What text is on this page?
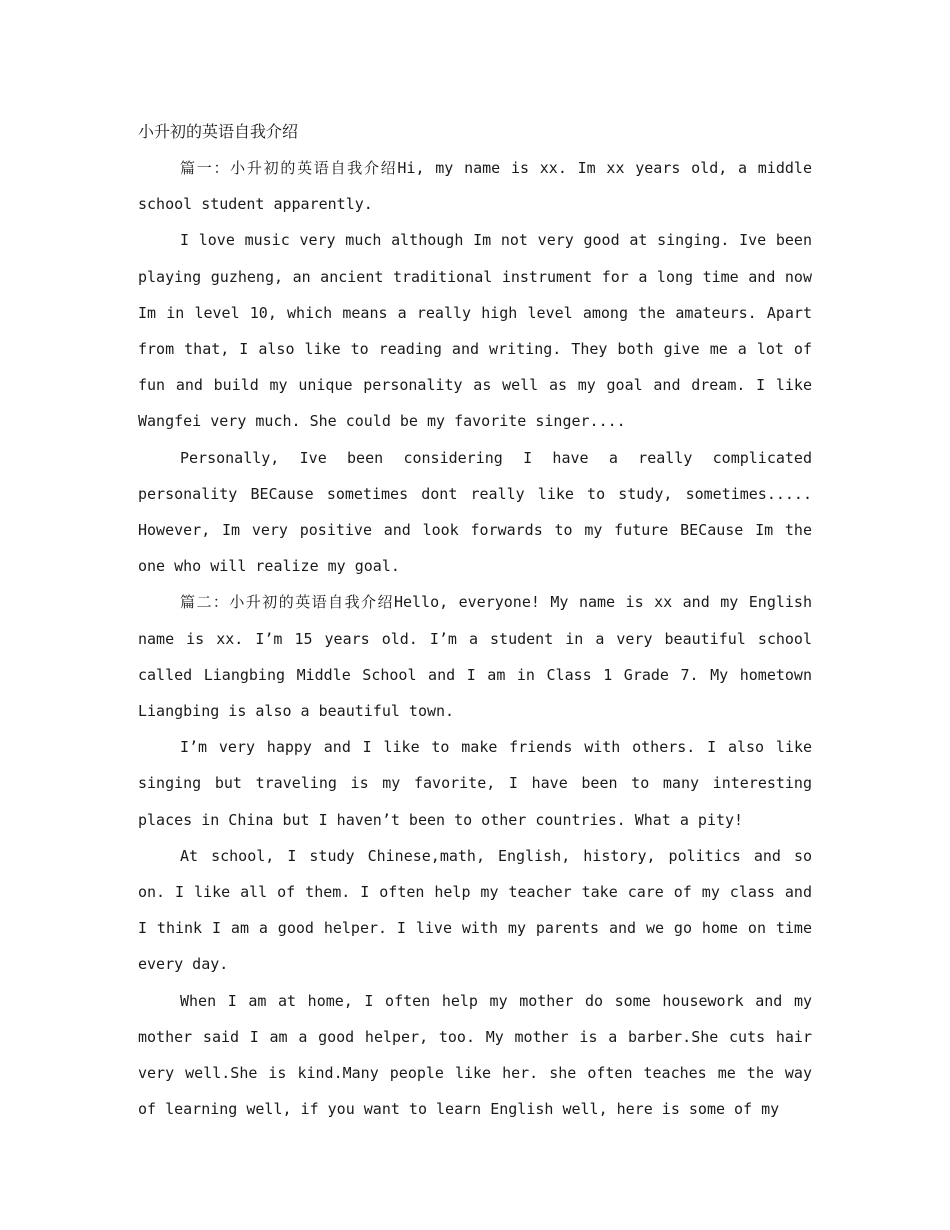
小升初的英语自我介绍

篇一：小升初的英语自我介绍Hi, my name is xx. Im xx years old, a middle school student apparently.

I love music very much although Im not very good at singing. Ive been playing guzheng, an ancient traditional instrument for a long time and now Im in level 10, which means a really high level among the amateurs. Apart from that, I also like to reading and writing. They both give me a lot of fun and build my unique personality as well as my goal and dream. I like Wangfei very much. She could be my favorite singer....

Personally, Ive been considering I have a really complicated personality BECause sometimes dont really like to study, sometimes..... However, Im very positive and look forwards to my future BECause Im the one who will realize my goal.

篇二：小升初的英语自我介绍Hello, everyone! My name is xx and my English name is xx. I’m 15 years old. I’m a student in a very beautiful school called Liangbing Middle School and I am in Class 1 Grade 7. My hometown Liangbing is also a beautiful town.

I’m very happy and I like to make friends with others. I also like singing but traveling is my favorite, I have been to many interesting places in China but I haven’t been to other countries. What a pity!

At school, I study Chinese,math, English, history, politics and so on. I like all of them. I often help my teacher take care of my class and I think I am a good helper. I live with my parents and we go home on time every day.

When I am at home, I often help my mother do some housework and my mother said I am a good helper, too. My mother is a barber.She cuts hair very well.She is kind.Many people like her. she often teaches me the way of learning well, if you want to learn English well, here is some of my
